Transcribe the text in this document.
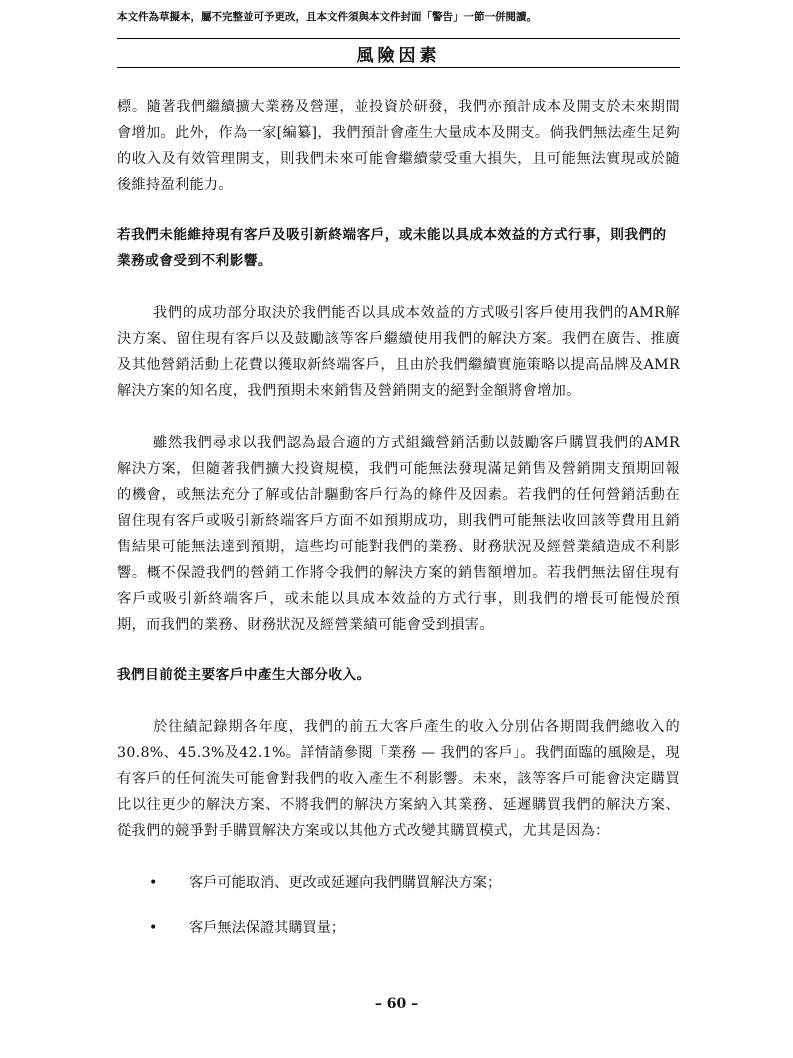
本文件為草擬本，屬不完整並可予更改，且本文件須與本文件封面「警告」一節一併閱讀。
風險因素

標。隨著我們繼續擴大業務及營運，並投資於研發，我們亦預計成本及開支於未來期間會增加。此外，作為一家[編纂]，我們預計會產生大量成本及開支。倘我們無法產生足夠的收入及有效管理開支，則我們未來可能會繼續蒙受重大損失，且可能無法實現或於隨後維持盈利能力。

若我們未能維持現有客戶及吸引新終端客戶，或未能以具成本效益的方式行事，則我們的業務或會受到不利影響。

我們的成功部分取決於我們能否以具成本效益的方式吸引客戶使用我們的AMR解決方案、留住現有客戶以及鼓勵該等客戶繼續使用我們的解決方案。我們在廣告、推廣及其他營銷活動上花費以獲取新終端客戶，且由於我們繼續實施策略以提高品牌及AMR解決方案的知名度，我們預期未來銷售及營銷開支的絕對金額將會增加。

雖然我們尋求以我們認為最合適的方式組織營銷活動以鼓勵客戶購買我們的AMR解決方案，但隨著我們擴大投資規模，我們可能無法發現滿足銷售及營銷開支預期回報的機會，或無法充分了解或估計驅動客戶行為的條件及因素。若我們的任何營銷活動在留住現有客戶或吸引新終端客戶方面不如預期成功，則我們可能無法收回該等費用且銷售結果可能無法達到預期，這些均可能對我們的業務、財務狀況及經營業績造成不利影響。概不保證我們的營銷工作將令我們的解決方案的銷售額增加。若我們無法留住現有客戶或吸引新終端客戶，或未能以具成本效益的方式行事，則我們的增長可能慢於預期，而我們的業務、財務狀況及經營業績可能會受到損害。

我們目前從主要客戶中產生大部分收入。

於往績記錄期各年度，我們的前五大客戶產生的收入分別佔各期間我們總收入的30.8%、45.3%及42.1%。詳情請參閱「業務 — 我們的客戶」。我們面臨的風險是，現有客戶的任何流失可能會對我們的收入產生不利影響。未來，該等客戶可能會決定購買比以往更少的解決方案、不將我們的解決方案納入其業務、延遲購買我們的解決方案、從我們的競爭對手購買解決方案或以其他方式改變其購買模式，尤其是因為：

• 客戶可能取消、更改或延遲向我們購買解決方案；
• 客戶無法保證其購買量；
– 60 –
